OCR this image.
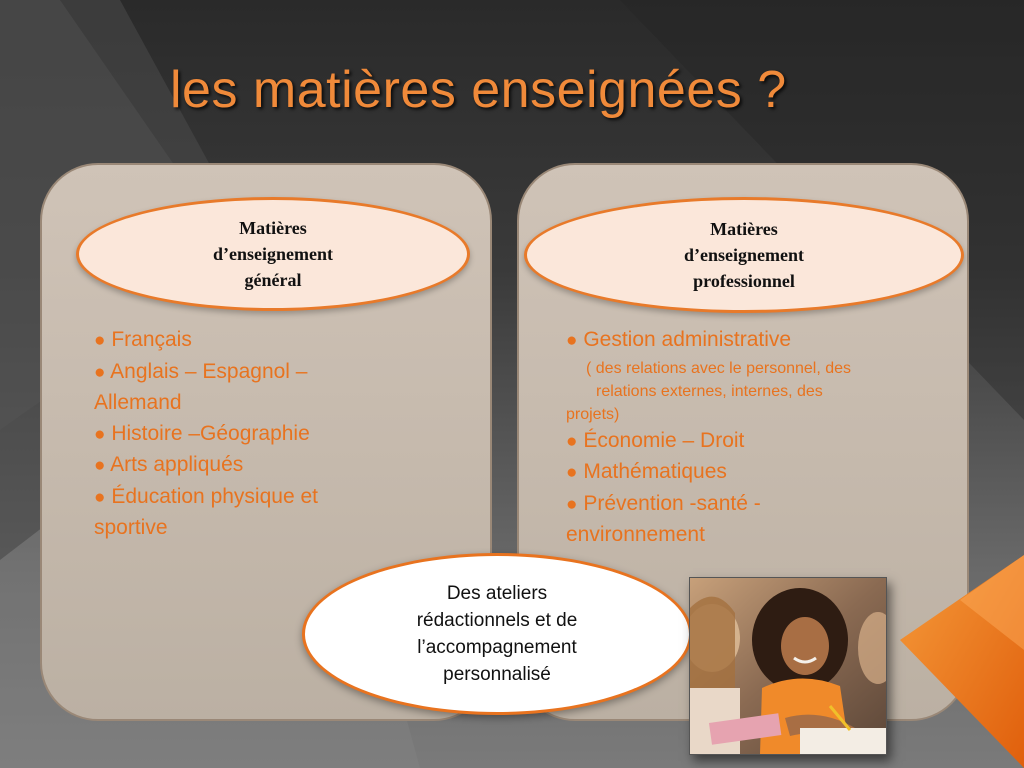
les matières enseignées ?
Matières
d’enseignement
général
● Français
● Anglais – Espagnol –
Allemand
● Histoire –Géographie
● Arts appliqués
● Éducation physique et
sportive
Matières
d’enseignement
professionnel
● Gestion administrative
( des relations avec le personnel, des
relations externes, internes, des
projets)
● Économie – Droit
● Mathématiques
● Prévention -santé -
environnement
Des ateliers
rédactionnels et de
l’accompagnement
personnalisé
